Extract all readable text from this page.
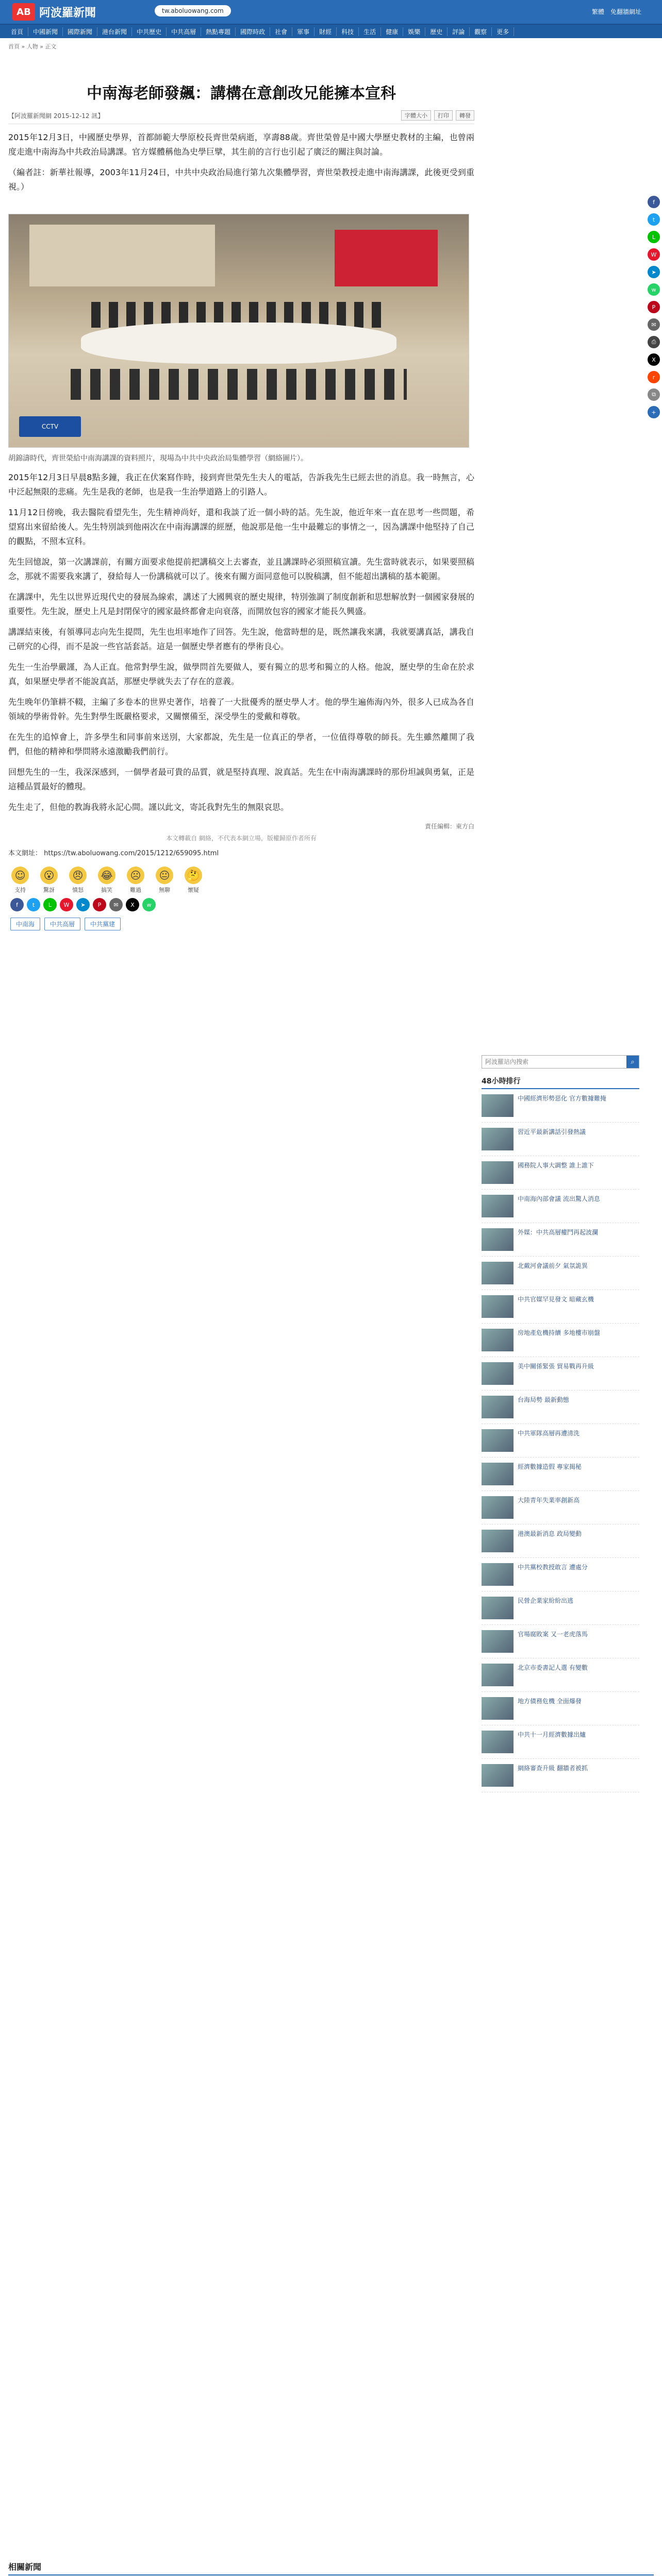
AB 阿波羅新聞	tw.aboluowang.com	繁體 免翻牆網址
首頁	中國新聞	國際新聞	港台新聞	中共歷史	中共高層	熱點專題	國際時政	社會	軍事	財經	科技	生活	健康	娛樂	歷史	評論	觀察	更多
首頁 » 人物 » 正文
中南海老師發飆：講構在意創改兄能擁本宣科
【阿波羅新聞網 2015-12-12 訊】	字體大小	打印	轉發

2015年12月3日，中國歷史學界，首都師範大學原校長齊世榮病逝，享壽88歲。齊世榮曾是中國大學歷史教材的主編，也曾兩度走進中南海為中共政治局講課。官方媒體稱他為史學巨擘，其生前的言行也引起了廣泛的關注與討論。

（編者註：新華社報導，2003年11月24日，中共中央政治局進行第九次集體學習，齊世榮教授走進中南海講課，此後更受到重視。）

CCTV
胡錦濤時代，齊世榮給中南海講課的資料照片，現場為中共中央政治局集體學習（網絡圖片）。

2015年12月3日早晨8點多鐘，我正在伏案寫作時，接到齊世榮先生夫人的電話，告訴我先生已經去世的消息。我一時無言，心中泛起無限的悲痛。先生是我的老師，也是我一生治學道路上的引路人。

11月12日傍晚，我去醫院看望先生，先生精神尚好，還和我談了近一個小時的話。先生說，他近年來一直在思考一些問題，希望寫出來留給後人。先生特別談到他兩次在中南海講課的經歷，他說那是他一生中最難忘的事情之一，因為講課中他堅持了自己的觀點，不照本宣科。

先生回憶說，第一次講課前，有關方面要求他提前把講稿交上去審查，並且講課時必須照稿宣讀。先生當時就表示，如果要照稿念，那就不需要我來講了，發給每人一份講稿就可以了。後來有關方面同意他可以脫稿講，但不能超出講稿的基本範圍。

在講課中，先生以世界近現代史的發展為線索，講述了大國興衰的歷史規律，特別強調了制度創新和思想解放對一個國家發展的重要性。先生說，歷史上凡是封閉保守的國家最終都會走向衰落，而開放包容的國家才能長久興盛。

講課結束後，有領導同志向先生提問，先生也坦率地作了回答。先生說，他當時想的是，既然讓我來講，我就要講真話，講我自己研究的心得，而不是說一些官話套話。這是一個歷史學者應有的學術良心。

先生一生治學嚴謹，為人正直。他常對學生說，做學問首先要做人，要有獨立的思考和獨立的人格。他說，歷史學的生命在於求真，如果歷史學者不能說真話，那歷史學就失去了存在的意義。

先生晚年仍筆耕不輟，主編了多卷本的世界史著作，培養了一大批優秀的歷史學人才。他的學生遍佈海內外，很多人已成為各自領域的學術骨幹。先生對學生既嚴格要求，又關懷備至，深受學生的愛戴和尊敬。

在先生的追悼會上，許多學生和同事前來送別，大家都說，先生是一位真正的學者，一位值得尊敬的師長。先生雖然離開了我們，但他的精神和學問將永遠激勵我們前行。

回想先生的一生，我深深感到，一個學者最可貴的品質，就是堅持真理、說真話。先生在中南海講課時的那份坦誠與勇氣，正是這種品質最好的體現。

先生走了，但他的教誨我將永記心間。謹以此文，寄託我對先生的無限哀思。

責任編輯：東方白
本文轉載自 網絡，不代表本網立場，版權歸原作者所有
本文網址： https://tw.aboluowang.com/2015/1212/659095.html
☺
支持
😮
驚訝
😠
憤怒
😂
搞笑
☹
難過
😐
無聊
🤔
懷疑
f	t	L	W	➤	P	✉	X	w
中南海	中共高層	中共黨建
阿波羅站內搜索
⌕
48小時排行
中國經濟形勢惡化 官方數據難掩
習近平最新講話引發熱議
國務院人事大調整 誰上誰下
中南海內部會議 流出驚人消息
外媒：中共高層權鬥再起波瀾
北戴河會議前夕 氣氛詭異
中共官媒罕見發文 暗藏玄機
房地產危機持續 多地樓市崩盤
美中關係緊張 貿易戰再升級
台海局勢 最新動態
中共軍隊高層再遭清洗
經濟數據造假 專家揭秘
大陸青年失業率創新高
港澳最新消息 政局變動
中共黨校教授敢言 遭處分
民營企業家紛紛出逃
官場腐敗案 又一老虎落馬
北京市委書記人選 有變數
地方債務危機 全面爆發
中共十一月經濟數據出爐
網絡審查升級 翻牆者被抓
相關新聞
f
t
L
W
➤
w
P
✉
⎙
X
r
⧉
+
